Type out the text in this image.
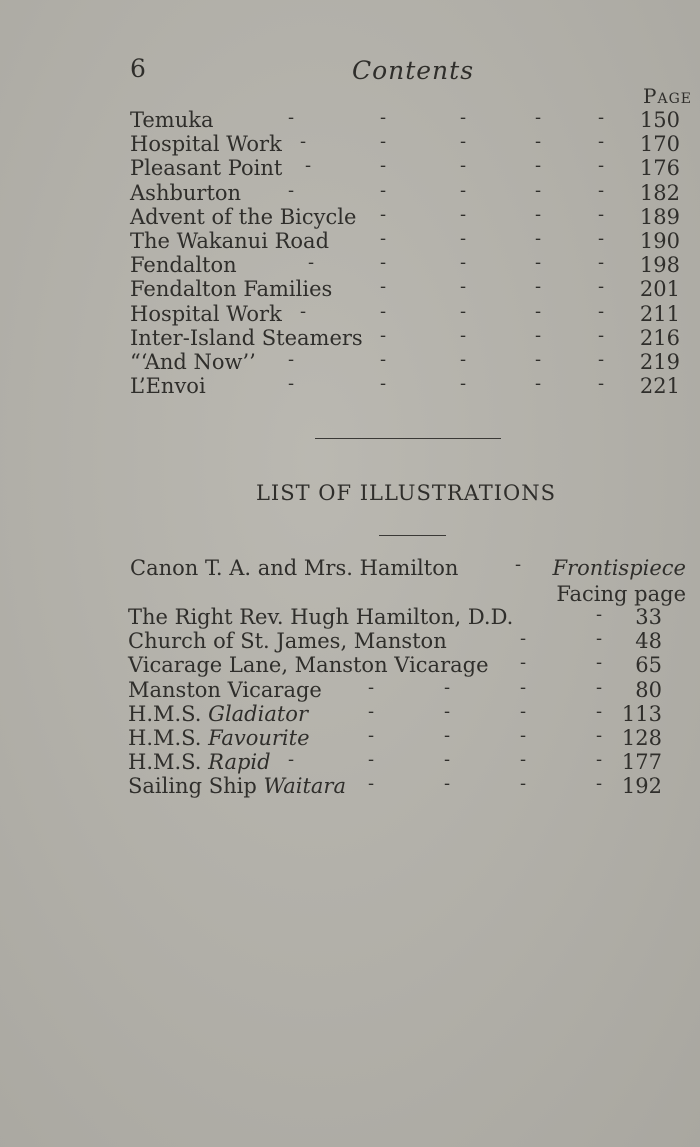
6	Contents
Page
Temuka	-	-	-	-	- 150
Hospital Work -	-	-	-	- 170
Pleasant Point -	-	-	-	- 176
Ashburton	-	-	-	-	- 182
Advent of the Bicycle -	-	-	- 189
The Wakanui Road	-	-	-	- 190
Fendalton	-	-	-	-	- 198
Fendalton Families	-	-	-	- 201
Hospital Work -	-	-	-	- 211
Inter-Island Steamers -	-	-	- 216
“‘And Now’’ -	-	-	-	- 219
L’Envoi	-	-	-	-	- 221
LIST OF ILLUSTRATIONS
Canon T. A. and Mrs. Hamilton	- Frontispiece
Facing page
The Right Rev. Hugh Hamilton, D.D.	- 33
Church of St. James, Manston	-	- 48
Vicarage Lane, Manston Vicarage -	- 65
Manston Vicarage	-	-	-	- 80
H.M.S. Gladiator	-	-	-	- 113
H.M.S. Favourite	-	-	-	- 128
H.M.S. Rapid -	-	-	-	- 177
Sailing Ship Waitara -	-	-	- 192
